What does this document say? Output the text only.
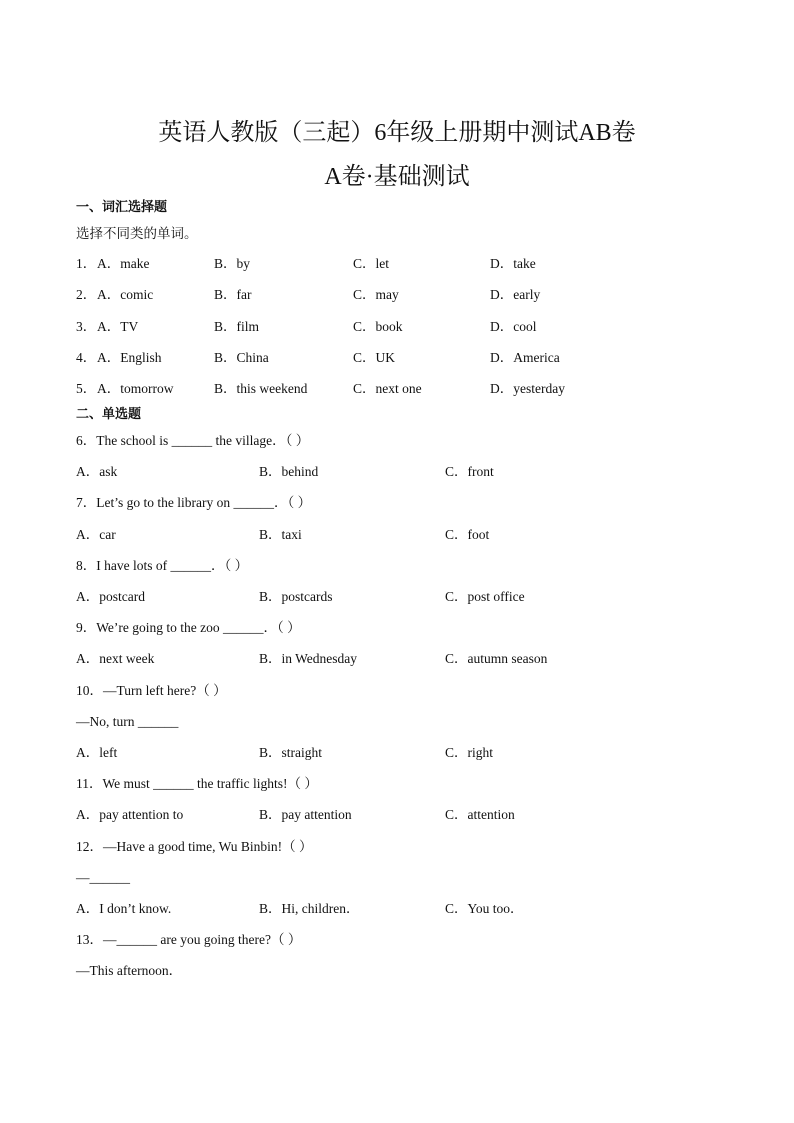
英语人教版（三起）6年级上册期中测试AB卷
A卷·基础测试
一、词汇选择题
选择不同类的单词。
1． A．make	B．by	C．let	D．take
2． A．comic	B．far	C．may	D．early
3． A．TV	B．film	C．book	D．cool
4． A．English	B．China	C．UK	D．America
5． A．tomorrow	B．this weekend	C．next one	D．yesterday
二、单选题
6．The school is ______ the village．（ ）
A．ask	B．behind	C．front
7．Let’s go to the library on ______．（ ）
A．car	B．taxi	C．foot
8．I have lots of ______．（ ）
A．postcard	B．postcards	C．post office
9．We’re going to the zoo ______．（ ）
A．next week	B．in Wednesday	C．autumn season
10．—Turn left here?（ ）
—No, turn ______
A．left	B．straight	C．right
11．We must ______ the traffic lights!（ ）
A．pay attention to	B．pay attention	C．attention
12．—Have a good time, Wu Binbin!（ ）
—______
A．I don’t know.	B．Hi, children．	C．You too．
13．—______ are you going there?（ ）
—This afternoon．
